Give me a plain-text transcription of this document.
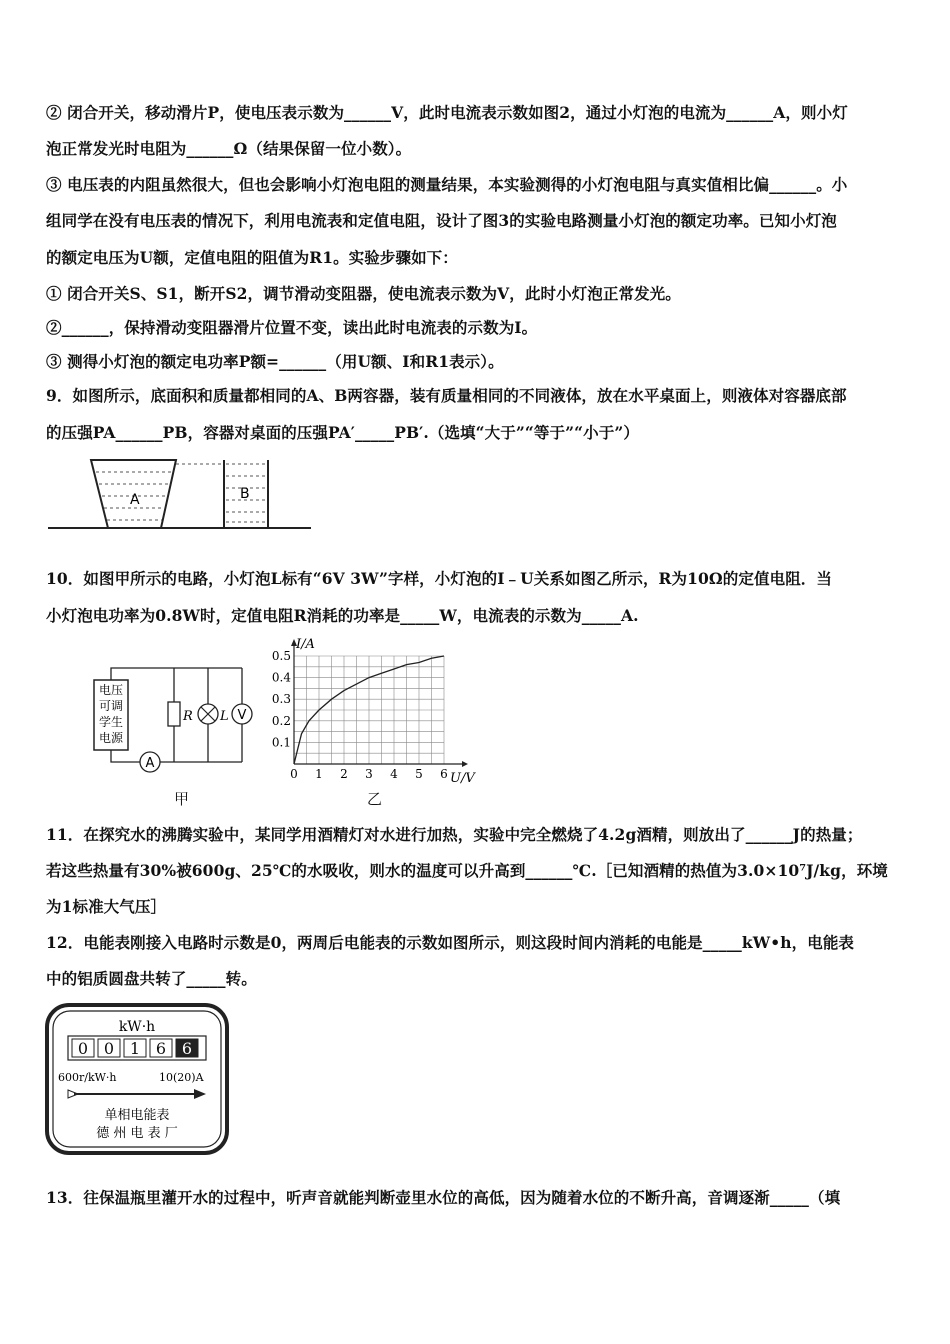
② 闭合开关，移动滑片P，使电压表示数为______V，此时电流表示数如图2，通过小灯泡的电流为______A，则小灯
泡正常发光时电阻为______Ω（结果保留一位小数）。
③ 电压表的内阻虽然很大，但也会影响小灯泡电阻的测量结果，本实验测得的小灯泡电阻与真实值相比偏______。小
组同学在没有电压表的情况下，利用电流表和定值电阻，设计了图3的实验电路测量小灯泡的额定功率。已知小灯泡
的额定电压为U额，定值电阻的阻值为R1。实验步骤如下：
① 闭合开关S、S1，断开S2，调节滑动变阻器，使电流表示数为V，此时小灯泡正常发光。
②______，保持滑动变阻器滑片位置不变，读出此时电流表的示数为I。
③ 测得小灯泡的额定电功率P额=______（用U额、I和R1表示）。
9．如图所示，底面积和质量都相同的A、B两容器，装有质量相同的不同液体，放在水平桌面上，则液体对容器底部
的压强PA______PB，容器对桌面的压强PA′_____PB′.（选填“大于”“等于”“小于”）
A	B
10．如图甲所示的电路，小灯泡L标有“6V 3W”字样，小灯泡的I﹣U关系如图乙所示，R为10Ω的定值电阻．当
小灯泡电功率为0.8W时，定值电阻R消耗的功率是_____W，电流表的示数为_____A.
电压
可调
学生
电源
A
R L V
甲
0 1 2 3 4 5 6
0.1
0.2
0.3
0.4
0.5
I/A
U/V
乙
11．在探究水的沸腾实验中，某同学用酒精灯对水进行加热，实验中完全燃烧了4.2g酒精，则放出了______J的热量；
若这些热量有30%被600g、25℃的水吸收，则水的温度可以升高到______℃.［已知酒精的热值为3.0×10⁷J/kg，环境
为1标准大气压］
12．电能表刚接入电路时示数是0，两周后电能表的示数如图所示，则这段时间内消耗的电能是_____kW•h，电能表
中的铝质圆盘共转了_____转。
kW·h
0 0 1 6 6
600r/kW·h	10(20)A
单相电能表
德 州 电 表 厂
13．往保温瓶里灌开水的过程中，听声音就能判断壶里水位的高低，因为随着水位的不断升高，音调逐渐_____（填
